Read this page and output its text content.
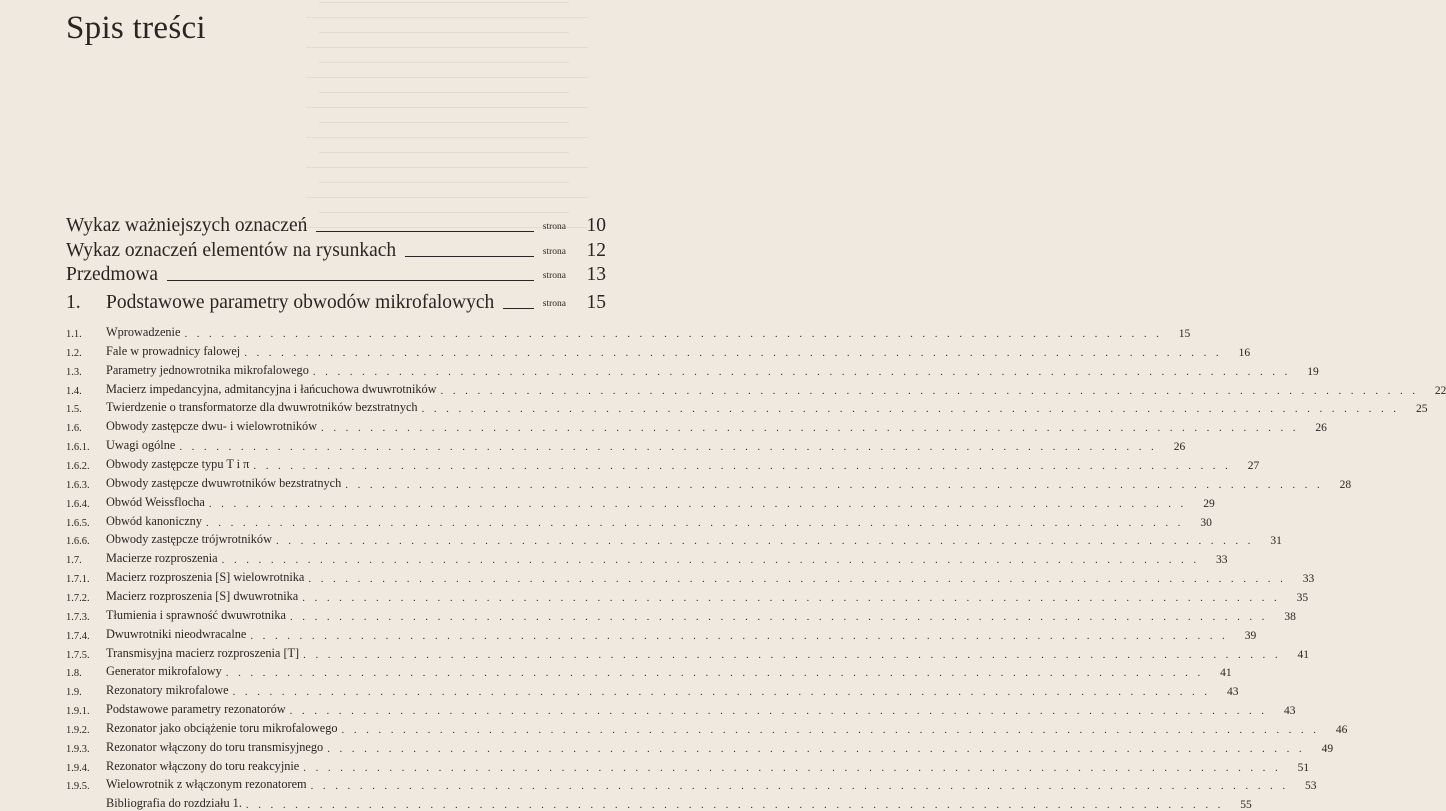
Spis treści
Wykaz ważniejszych oznaczeń	strona	10
Wykaz oznaczeń elementów na rysunkach	strona	12
Przedmowa	strona	13
1.	Podstawowe parametry obwodów mikrofalowych	strona	15
1.1.	Wprowadzenie . . . . . . . . . . . . . . . . . . . . . . . . . . . . . . . . . . . . . . . . . . . . . . . . . . . . . . . . . . . . . . . . . . . . . . . . . . . . . . . .	15
1.2.	Fale w prowadnicy falowej . . . . . . . . . . . . . . . . . . . . . . . . . . . . . . . . . . . . . . . . . . . . . . . . . . . . . . . . . . . . . . . . . . . . . . . . . . . . . . . .	16
1.3.	Parametry jednowrotnika mikrofalowego . . . . . . . . . . . . . . . . . . . . . . . . . . . . . . . . . . . . . . . . . . . . . . . . . . . . . . . . . . . . . . . . . . . . . . . . . . . . . . . .	19
1.4.	Macierz impedancyjna, admitancyjna i łańcuchowa dwuwrotników . . . . . . . . . . . . . . . . . . . . . . . . . . . . . . . . . . . . . . . . . . . . . . . . . . . . . . . . . . . . . . . . . . . . . . . . . . . . . . . .	22
1.5.	Twierdzenie o transformatorze dla dwuwrotników bezstratnych . . . . . . . . . . . . . . . . . . . . . . . . . . . . . . . . . . . . . . . . . . . . . . . . . . . . . . . . . . . . . . . . . . . . . . . . . . . . . . . .	25
1.6.	Obwody zastępcze dwu- i wielowrotników . . . . . . . . . . . . . . . . . . . . . . . . . . . . . . . . . . . . . . . . . . . . . . . . . . . . . . . . . . . . . . . . . . . . . . . . . . . . . . . .	26
1.6.1.	Uwagi ogólne . . . . . . . . . . . . . . . . . . . . . . . . . . . . . . . . . . . . . . . . . . . . . . . . . . . . . . . . . . . . . . . . . . . . . . . . . . . . . . . .	26
1.6.2.	Obwody zastępcze typu T i π . . . . . . . . . . . . . . . . . . . . . . . . . . . . . . . . . . . . . . . . . . . . . . . . . . . . . . . . . . . . . . . . . . . . . . . . . . . . . . . .	27
1.6.3.	Obwody zastępcze dwuwrotników bezstratnych . . . . . . . . . . . . . . . . . . . . . . . . . . . . . . . . . . . . . . . . . . . . . . . . . . . . . . . . . . . . . . . . . . . . . . . . . . . . . . . .	28
1.6.4.	Obwód Weissflocha . . . . . . . . . . . . . . . . . . . . . . . . . . . . . . . . . . . . . . . . . . . . . . . . . . . . . . . . . . . . . . . . . . . . . . . . . . . . . . . .	29
1.6.5.	Obwód kanoniczny . . . . . . . . . . . . . . . . . . . . . . . . . . . . . . . . . . . . . . . . . . . . . . . . . . . . . . . . . . . . . . . . . . . . . . . . . . . . . . . .	30
1.6.6.	Obwody zastępcze trójwrotników . . . . . . . . . . . . . . . . . . . . . . . . . . . . . . . . . . . . . . . . . . . . . . . . . . . . . . . . . . . . . . . . . . . . . . . . . . . . . . . .	31
1.7.	Macierze rozproszenia . . . . . . . . . . . . . . . . . . . . . . . . . . . . . . . . . . . . . . . . . . . . . . . . . . . . . . . . . . . . . . . . . . . . . . . . . . . . . . . .	33
1.7.1.	Macierz rozproszenia [S] wielowrotnika . . . . . . . . . . . . . . . . . . . . . . . . . . . . . . . . . . . . . . . . . . . . . . . . . . . . . . . . . . . . . . . . . . . . . . . . . . . . . . . .	33
1.7.2.	Macierz rozproszenia [S] dwuwrotnika . . . . . . . . . . . . . . . . . . . . . . . . . . . . . . . . . . . . . . . . . . . . . . . . . . . . . . . . . . . . . . . . . . . . . . . . . . . . . . . .	35
1.7.3.	Tłumienia i sprawność dwuwrotnika . . . . . . . . . . . . . . . . . . . . . . . . . . . . . . . . . . . . . . . . . . . . . . . . . . . . . . . . . . . . . . . . . . . . . . . . . . . . . . . .	38
1.7.4.	Dwuwrotniki nieodwracalne . . . . . . . . . . . . . . . . . . . . . . . . . . . . . . . . . . . . . . . . . . . . . . . . . . . . . . . . . . . . . . . . . . . . . . . . . . . . . . . .	39
1.7.5.	Transmisyjna macierz rozproszenia [T] . . . . . . . . . . . . . . . . . . . . . . . . . . . . . . . . . . . . . . . . . . . . . . . . . . . . . . . . . . . . . . . . . . . . . . . . . . . . . . . .	41
1.8.	Generator mikrofalowy . . . . . . . . . . . . . . . . . . . . . . . . . . . . . . . . . . . . . . . . . . . . . . . . . . . . . . . . . . . . . . . . . . . . . . . . . . . . . . . .	41
1.9.	Rezonatory mikrofalowe . . . . . . . . . . . . . . . . . . . . . . . . . . . . . . . . . . . . . . . . . . . . . . . . . . . . . . . . . . . . . . . . . . . . . . . . . . . . . . . .	43
1.9.1.	Podstawowe parametry rezonatorów . . . . . . . . . . . . . . . . . . . . . . . . . . . . . . . . . . . . . . . . . . . . . . . . . . . . . . . . . . . . . . . . . . . . . . . . . . . . . . . .	43
1.9.2.	Rezonator jako obciążenie toru mikrofalowego . . . . . . . . . . . . . . . . . . . . . . . . . . . . . . . . . . . . . . . . . . . . . . . . . . . . . . . . . . . . . . . . . . . . . . . . . . . . . . . .	46
1.9.3.	Rezonator włączony do toru transmisyjnego . . . . . . . . . . . . . . . . . . . . . . . . . . . . . . . . . . . . . . . . . . . . . . . . . . . . . . . . . . . . . . . . . . . . . . . . . . . . . . . .	49
1.9.4.	Rezonator włączony do toru reakcyjnie . . . . . . . . . . . . . . . . . . . . . . . . . . . . . . . . . . . . . . . . . . . . . . . . . . . . . . . . . . . . . . . . . . . . . . . . . . . . . . . .	51
1.9.5.	Wielowrotnik z włączonym rezonatorem . . . . . . . . . . . . . . . . . . . . . . . . . . . . . . . . . . . . . . . . . . . . . . . . . . . . . . . . . . . . . . . . . . . . . . . . . . . . . . . .	53
Bibliografia do rozdziału 1. . . . . . . . . . . . . . . . . . . . . . . . . . . . . . . . . . . . . . . . . . . . . . . . . . . . . . . . . . . . . . . . . . . . . . . . . . . . . . . . .	55
